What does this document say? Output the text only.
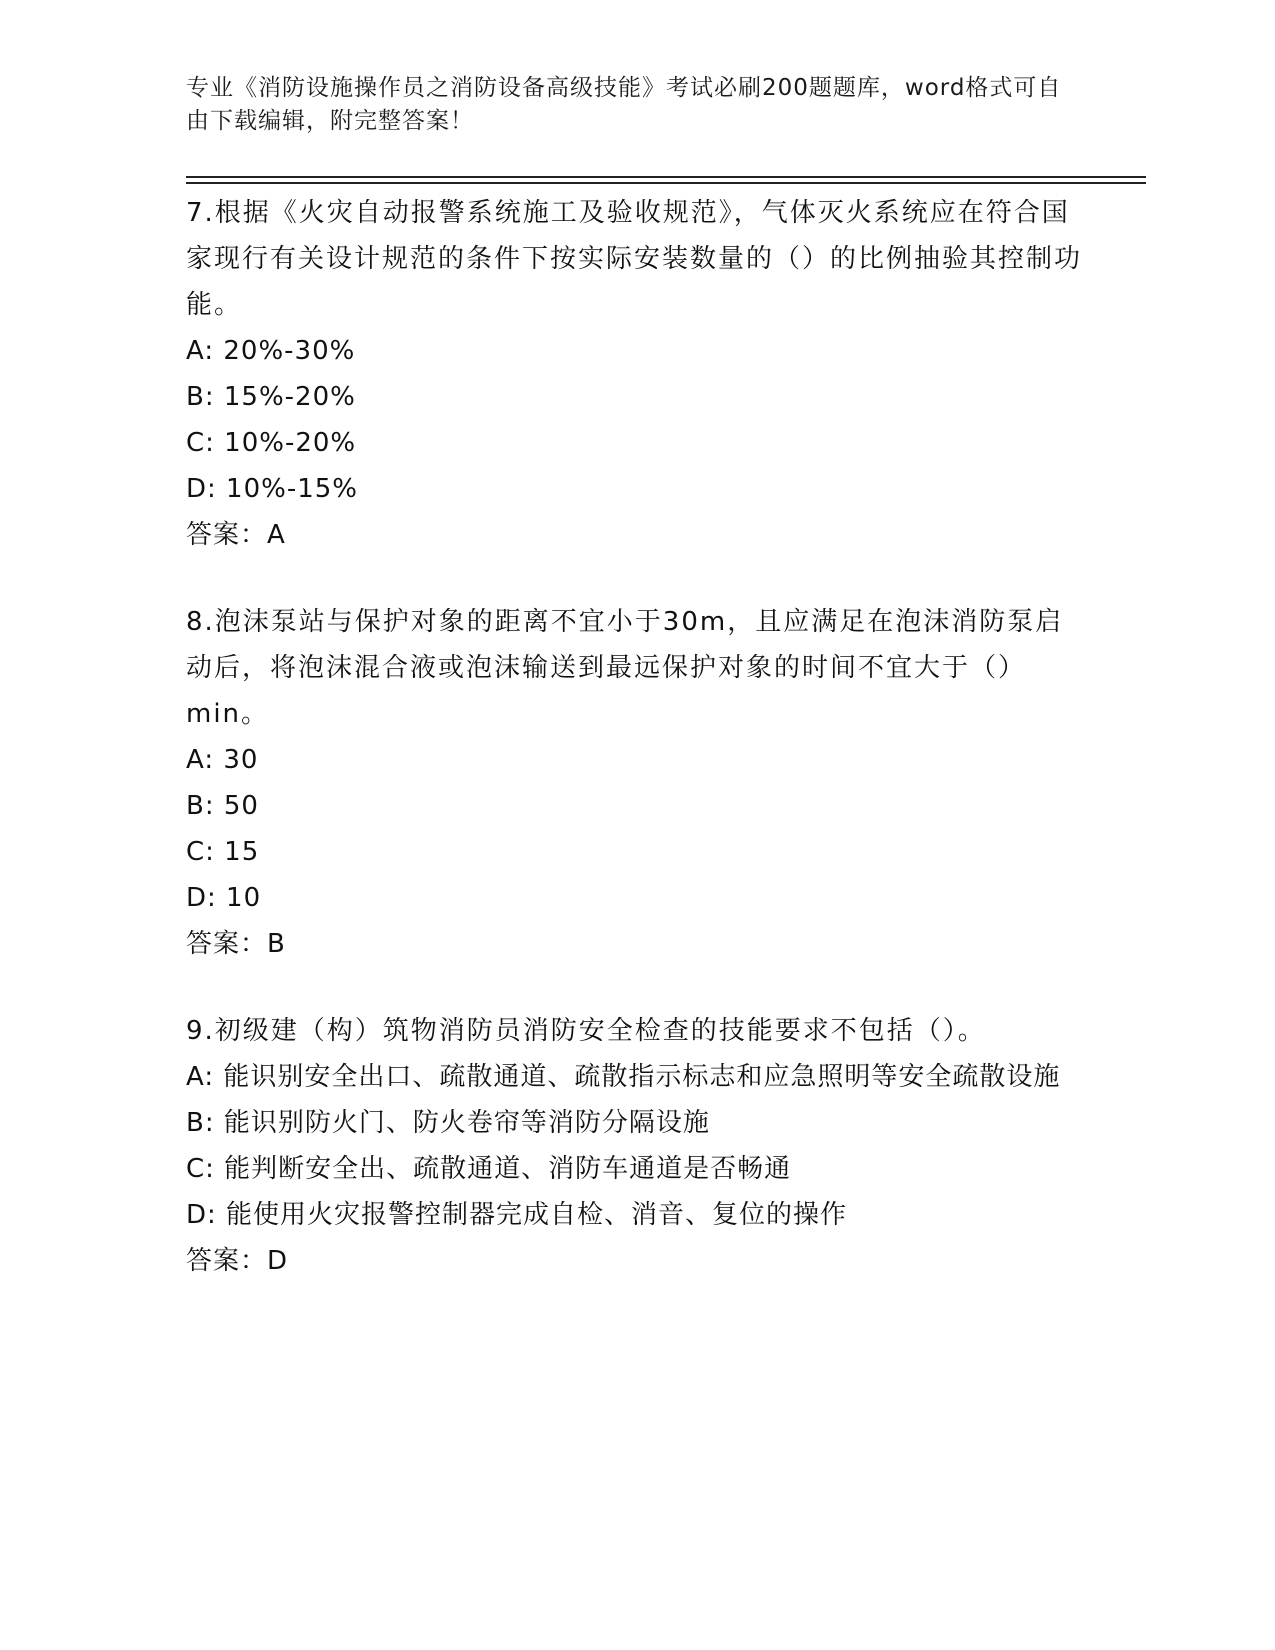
专业《消防设施操作员之消防设备高级技能》考试必刷200题题库，word格式可自由下载编辑，附完整答案！

7.根据《火灾自动报警系统施工及验收规范》，气体灭火系统应在符合国家现行有关设计规范的条件下按实际安装数量的（）的比例抽验其控制功能。

A: 20%-30%

B: 15%-20%

C: 10%-20%

D: 10%-15%

答案：A

8.泡沫泵站与保护对象的距离不宜小于30m，且应满足在泡沫消防泵启动后，将泡沫混合液或泡沫输送到最远保护对象的时间不宜大于（）min。

A: 30

B: 50

C: 15

D: 10

答案：B

9.初级建（构）筑物消防员消防安全检查的技能要求不包括（）。

A: 能识别安全出口、疏散通道、疏散指示标志和应急照明等安全疏散设施

B: 能识别防火门、防火卷帘等消防分隔设施

C: 能判断安全出、疏散通道、消防车通道是否畅通

D: 能使用火灾报警控制器完成自检、消音、复位的操作

答案：D
